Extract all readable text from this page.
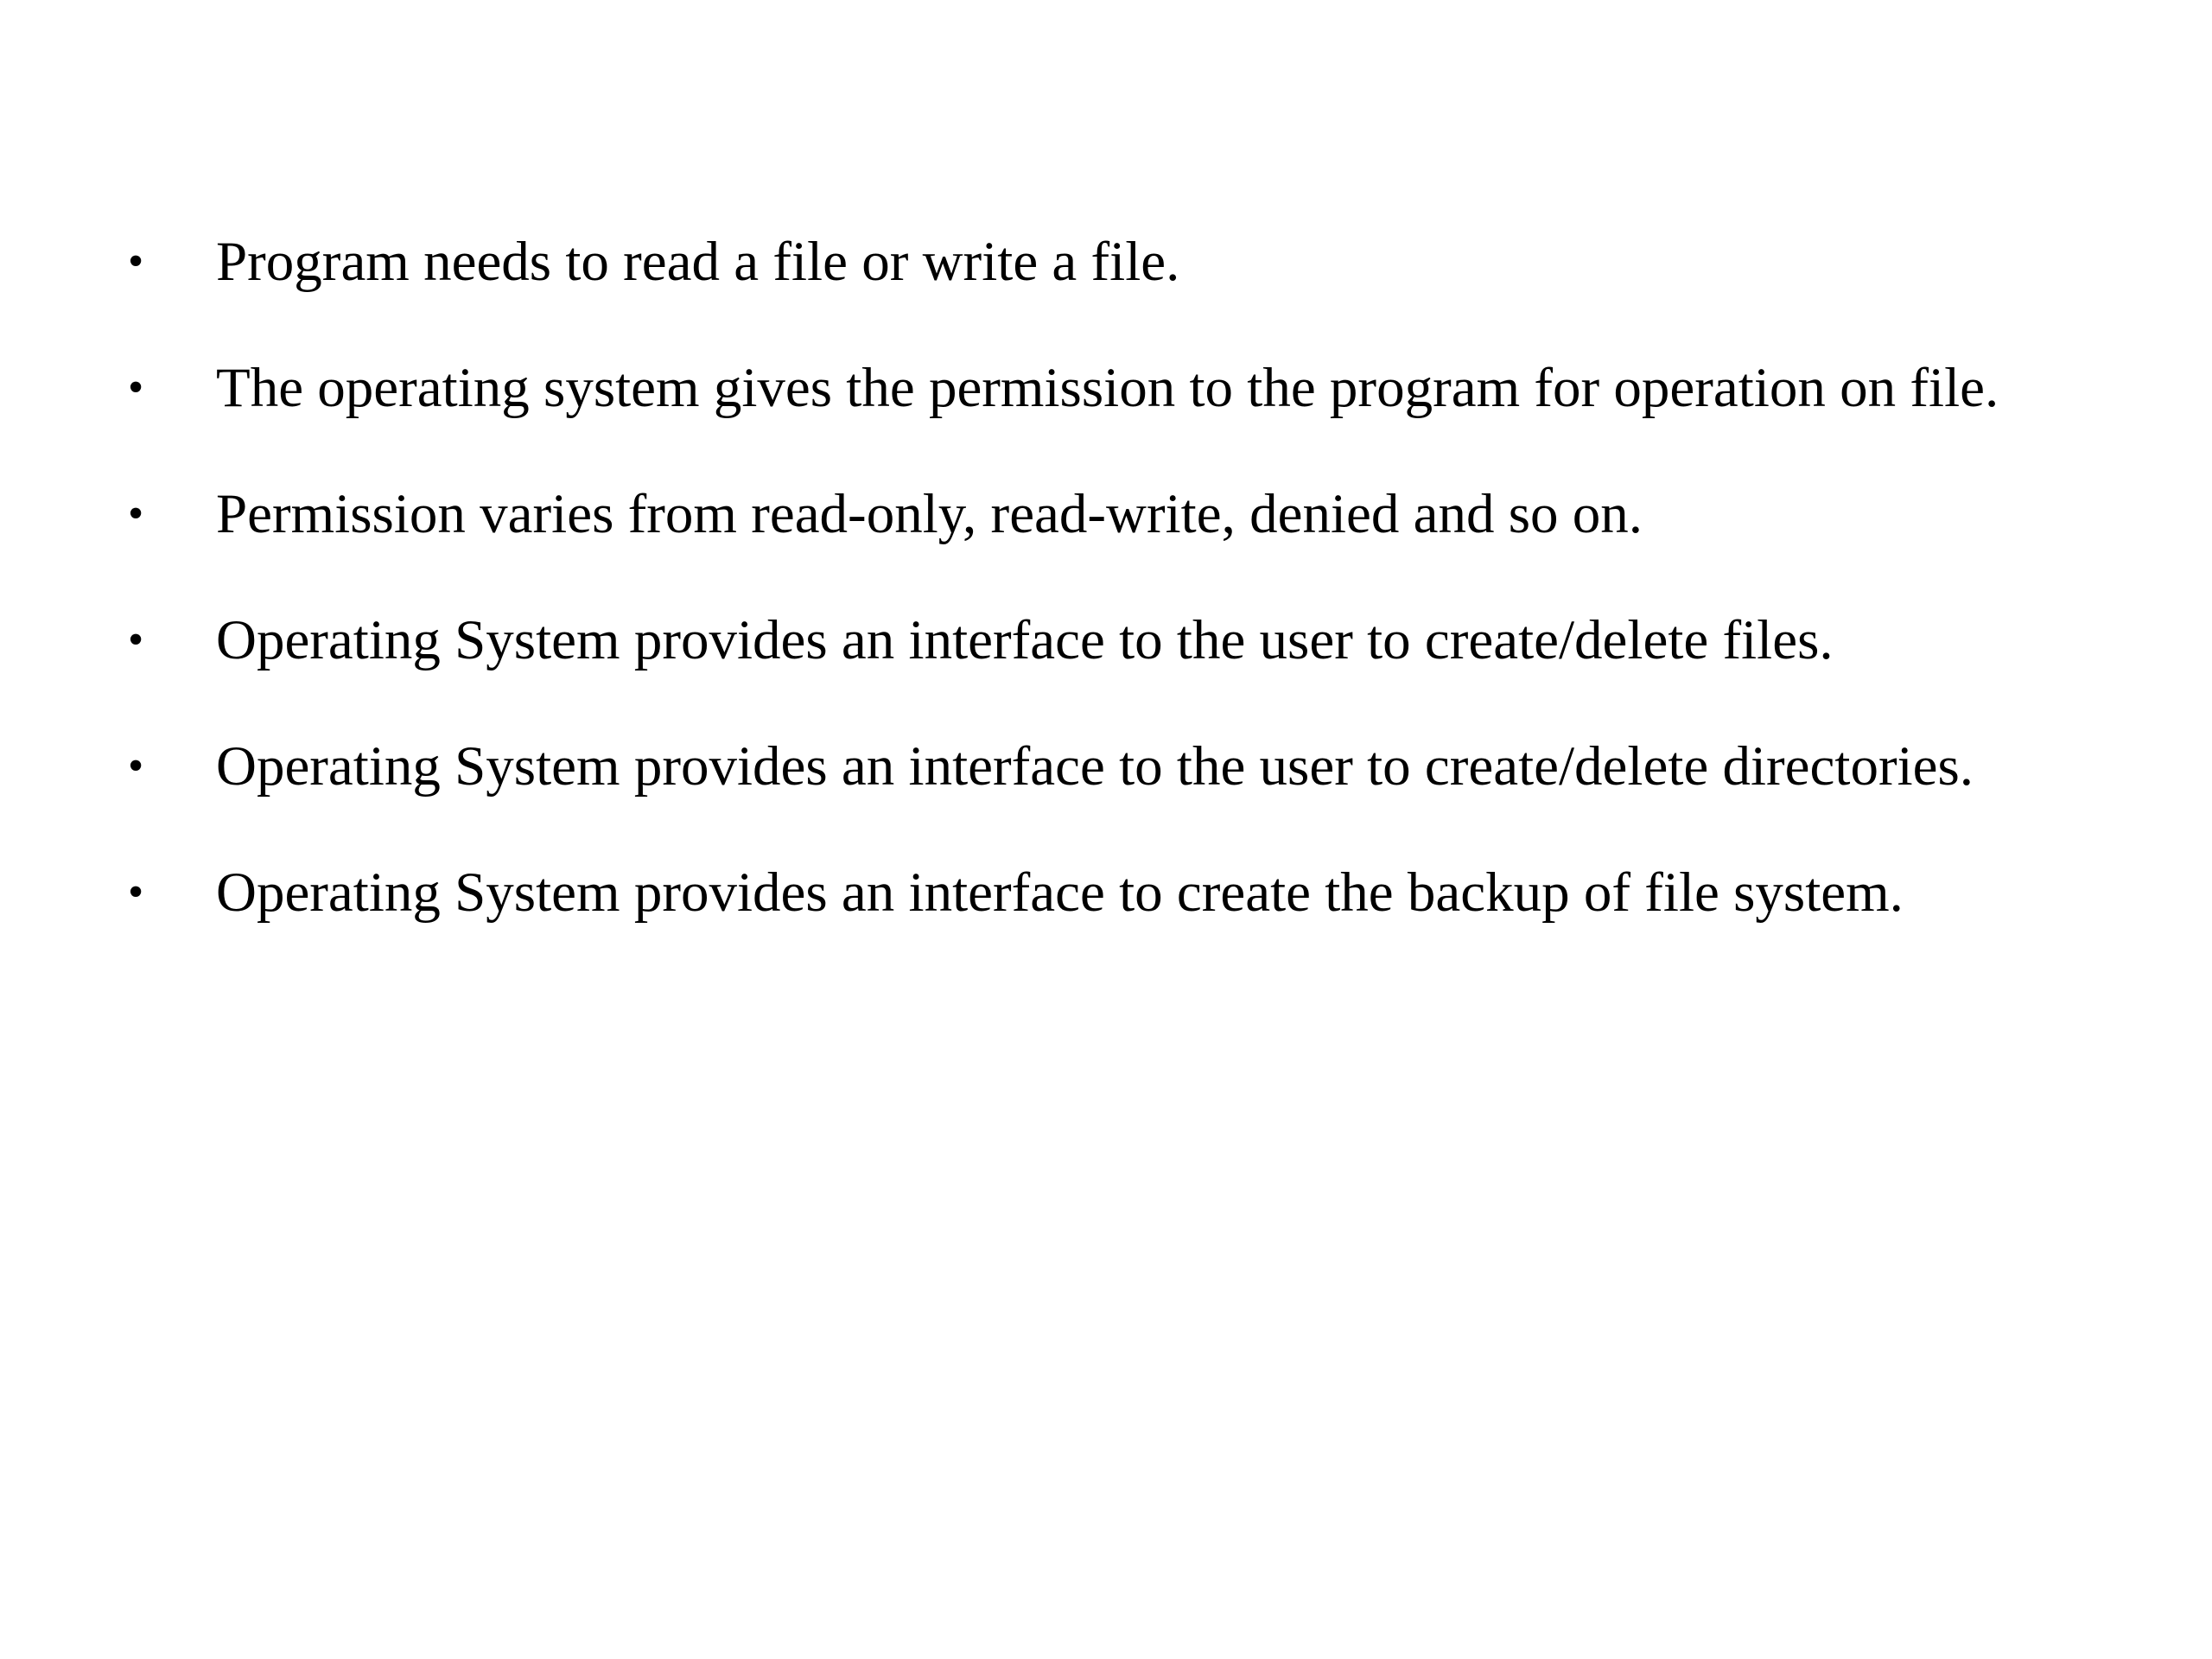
•	Program needs to read a file or write a file.
•	The operating system gives the permission to the program for operation on file.
•	Permission varies from read-only, read-write, denied and so on.
•	Operating System provides an interface to the user to create/delete files.
•	Operating System provides an interface to the user to create/delete directories.
•	Operating System provides an interface to create the backup of file system.
